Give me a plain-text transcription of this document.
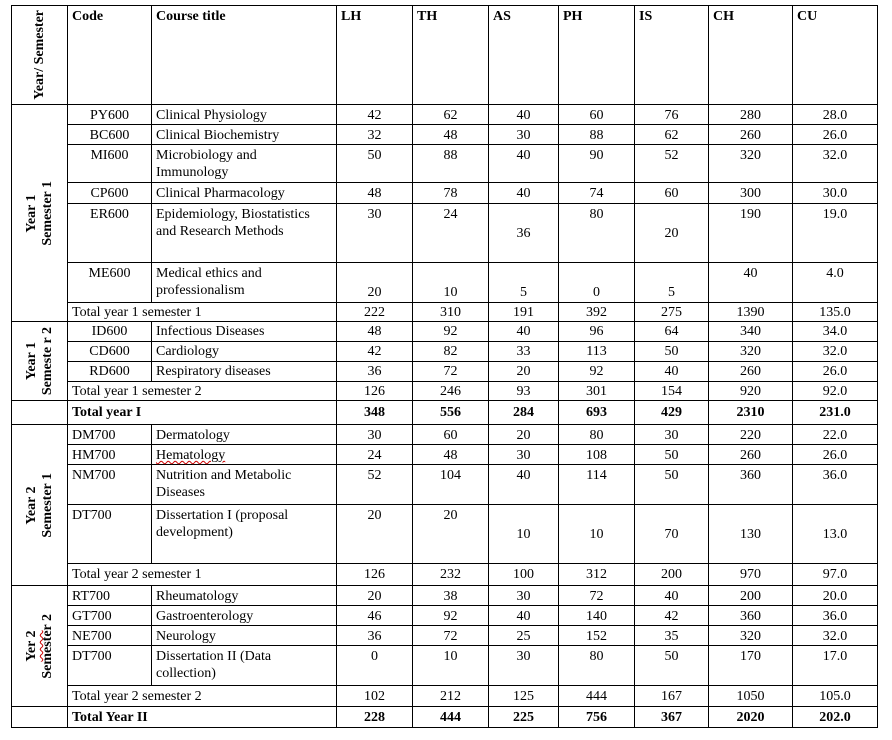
Year/ Semester	Code	Course title	LH	TH	AS	PH	IS	CH	CU

Year 1
Semester 1	PY600	Clinical Physiology	42	62	40	60	76	280	28.0
	BC600	Clinical Biochemistry	32	48	30	88	62	260	26.0
	MI600	Microbiology and Immunology	50	88	40	90	52	320	32.0
	CP600	Clinical Pharmacology	48	78	40	74	60	300	30.0
	ER600	Epidemiology, Biostatistics and Research Methods	30	24	36	80	20	190	19.0
	ME600	Medical ethics and professionalism	20	10	5	0	5	40	4.0
	Total year 1 semester 1		222	310	191	392	275	1390	135.0

Year 1
Semeste r 2	ID600	Infectious Diseases	48	92	40	96	64	340	34.0
	CD600	Cardiology	42	82	33	113	50	320	32.0
	RD600	Respiratory diseases	36	72	20	92	40	260	26.0
	Total year 1 semester 2		126	246	93	301	154	920	92.0
	Total year I		348	556	284	693	429	2310	231.0

Year 2
Semester 1	DM700	Dermatology	30	60	20	80	30	220	22.0
	HM700	Hematology	24	48	30	108	50	260	26.0
	NM700	Nutrition and Metabolic Diseases	52	104	40	114	50	360	36.0
	DT700	Dissertation I (proposal development)	20	20	10	10	70	130	13.0
	Total year 2 semester 1		126	232	100	312	200	970	97.0

Yer 2
Semester 2	RT700	Rheumatology	20	38	30	72	40	200	20.0
	GT700	Gastroenterology	46	92	40	140	42	360	36.0
	NE700	Neurology	36	72	25	152	35	320	32.0
	DT700	Dissertation II (Data collection)	0	10	30	80	50	170	17.0
	Total year 2 semester 2		102	212	125	444	167	1050	105.0
	Total Year II		228	444	225	756	367	2020	202.0
